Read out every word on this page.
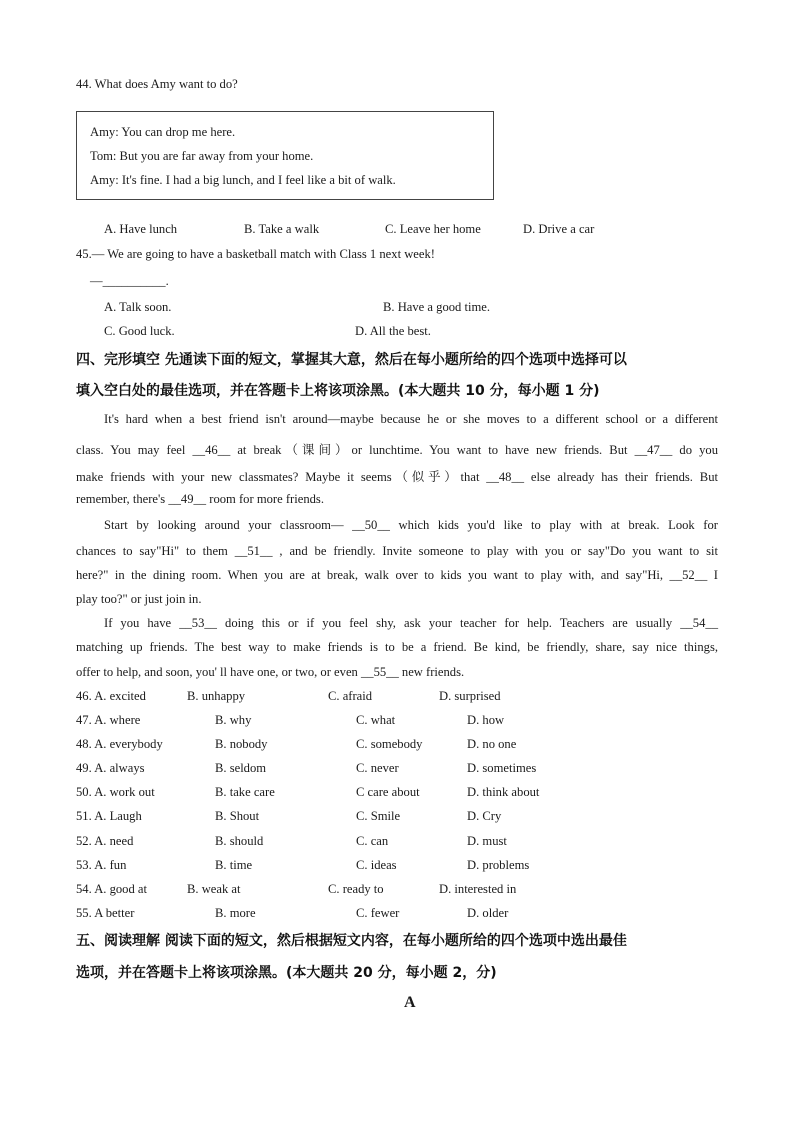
44. What does Amy want to do?
Amy: You can drop me here.
Tom: But you are far away from your home.
Amy: It's fine. I had a big lunch, and I feel like a bit of walk.
A. Have lunch	B. Take a walk	C. Leave her home	D. Drive a car
45.— We are going to have a basketball match with Class 1 next week!
—__________.
A. Talk soon.	B. Have a good time.
C. Good luck.	D. All the best.
四、完形填空 先通读下面的短文，掌握其大意，然后在每小题所给的四个选项中选择可以
填入空白处的最佳选项，并在答题卡上将该项涂黑。(本大题共 10 分，每小题 1 分)
It's hard when a best friend isn't around—maybe because he or she moves to a different school or a different
class. You may feel __46__ at break（课间）or lunchtime. You want to have new friends. But __47__ do you
make friends with your new classmates? Maybe it seems（似乎）that __48__ else already has their friends. But
remember, there's __49__ room for more friends.
Start by looking around your classroom— __50__ which kids you'd like to play with at break. Look for
chances to say"Hi" to them __51__ , and be friendly. Invite someone to play with you or say"Do you want to sit
here?" in the dining room. When you are at break, walk over to kids you want to play with, and say"Hi, __52__ I
play too?" or just join in.
If you have __53__ doing this or if you feel shy, ask your teacher for help. Teachers are usually __54__
matching up friends. The best way to make friends is to be a friend. Be kind, be friendly, share, say nice things,
offer to help, and soon, you' ll have one, or two, or even __55__ new friends.
46. A. excited	B. unhappy	C. afraid	D. surprised
47. A. where	B. why	C. what	D. how
48. A. everybody	B. nobody	C. somebody	D. no one
49. A. always	B. seldom	C. never	D. sometimes
50. A. work out	B. take care	C care about	D. think about
51. A. Laugh	B. Shout	C. Smile	D. Cry
52. A. need	B. should	C. can	D. must
53. A. fun	B. time	C. ideas	D. problems
54. A. good at	B. weak at	C. ready to	D. interested in
55. A better	B. more	C. fewer	D. older
五、阅读理解 阅读下面的短文，然后根据短文内容，在每小题所给的四个选项中选出最佳
选项，并在答题卡上将该项涂黑。(本大题共 20 分，每小题 2，分)
A
